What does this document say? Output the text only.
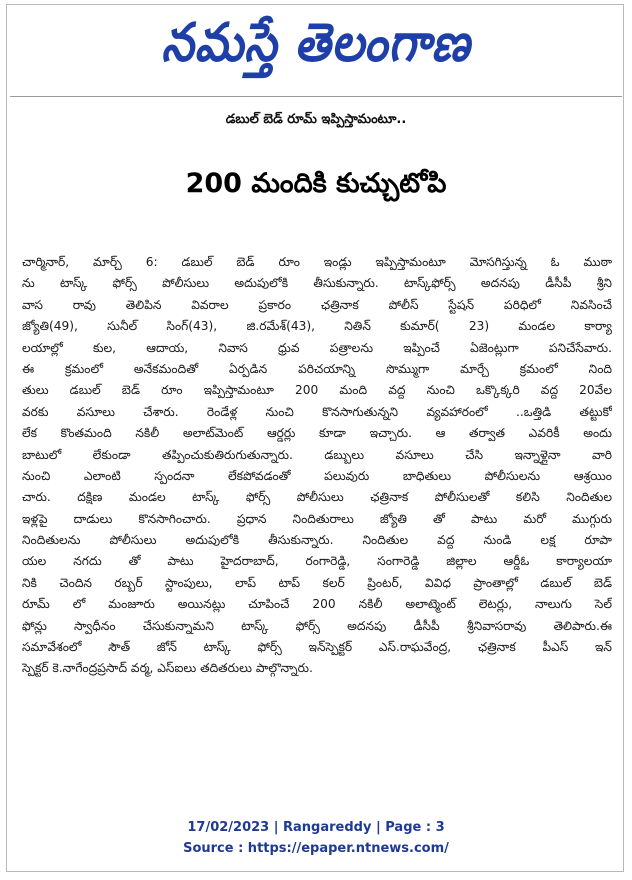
నమస్తే తెలంగాణ
డబుల్ బెడ్ రూమ్ ఇప్పిస్తామంటూ..
200 మందికి కుచ్చుటోపి
చార్మినార్, మార్చ్ 6: డబుల్ బెడ్ రూం ఇండ్లు ఇప్పిస్తామంటూ మోసగిస్తున్న ఓ ముఠా
ను టాస్క్ ఫోర్స్ పోలీసులు అదుపులోకి తీసుకున్నారు. టాస్క్‌ఫోర్స్ అదనపు డీసీపీ శ్రీని
వాస రావు తెలిపిన వివరాల ప్రకారం ఛత్రినాక పోలీస్ స్టేషన్ పరిధిలో నివసించే
జ్యోతి(49), సునీల్ సింగ్(43), జి.రమేశ్(43), నితిన్ కుమార్( 23) మండల కార్యా
లయాల్లో కుల, ఆదాయ, నివాస ధ్రువ పత్రాలను ఇప్పించే ఏజెంట్లుగా పనిచేసేవారు.
ఈ క్రమంలో అనేకమందితో ఏర్పడిన పరిచయాన్ని సొమ్ముగా మార్చే క్రమంలో నింది
తులు డబుల్ బెడ్ రూం ఇప్పిస్తామంటూ 200 మంది వద్ద నుంచి ఒక్కొక్కరి వద్ద 20వేల
వరకు వసూలు చేశారు. రెండేళ్ల నుంచి కొనసాగుతున్నని వ్యవహారంలో ..ఒత్తిడి తట్టుకో
లేక కొంతమంది నకిలీ అలాట్‌మెంట్ ఆర్డర్లు కూడా ఇచ్చారు. ఆ తర్వాత ఎవరికీ అందు
బాటులో లేకుండా తప్పించుకుతిరుగుతున్నారు. డబ్బులు వసూలు చేసి ఇన్నాళ్లైనా వారి
నుంచి ఎలాంటి స్పందనా లేకపోవడంతో పలువురు బాధితులు పోలీసులను ఆశ్రయిం
చారు. దక్షిణ మండల టాస్క్ ఫోర్స్ పోలీసులు ఛత్రినాక పోలీసులతో కలిసి నిందితుల
ఇళ్లపై దాడులు కొనసాగించారు. ప్రధాన నిందితురాలు జ్యోతి తో పాటు మరో ముగ్గురు
నిందితులను పోలీసులు అదుపులోకి తీసుకున్నారు. నిందితుల వద్ద నుండి లక్ష రూపా
యల నగదు తో పాటు హైదరాబాద్, రంగారెడ్డి, సంగారెడ్డి జిల్లాల ఆర్డీఓ కార్యాలయా
నికి చెందిన రబ్బర్ స్టాంపులు, లాప్ టాప్ కలర్ ప్రింటర్, వివిధ ప్రాంతాల్లో డబుల్ బెడ్
రూమ్ లో మంజూరు అయినట్లు చూపించే 200 నకిలీ అలాట్మెంట్ లెటర్లు, నాలుగు సెల్
ఫోన్లు స్వాధీనం చేసుకున్నామని టాస్క్ ఫోర్స్ అదనపు డీసీపీ శ్రీనివాసరావు తెలిపారు.ఈ
సమావేశంలో సౌత్ జోన్ టాస్క్ ఫోర్స్ ఇన్‌స్పెక్టర్ ఎస్.రాఘవేంద్ర, ఛత్రినాక పీఎస్ ఇన్
స్పెక్టర్ కె.నాగేంద్రప్రసాద్ వర్మ, ఎస్ఐలు తదితరులు పాల్గొన్నారు.
17/02/2023 | Rangareddy | Page : 3
Source : https://epaper.ntnews.com/
